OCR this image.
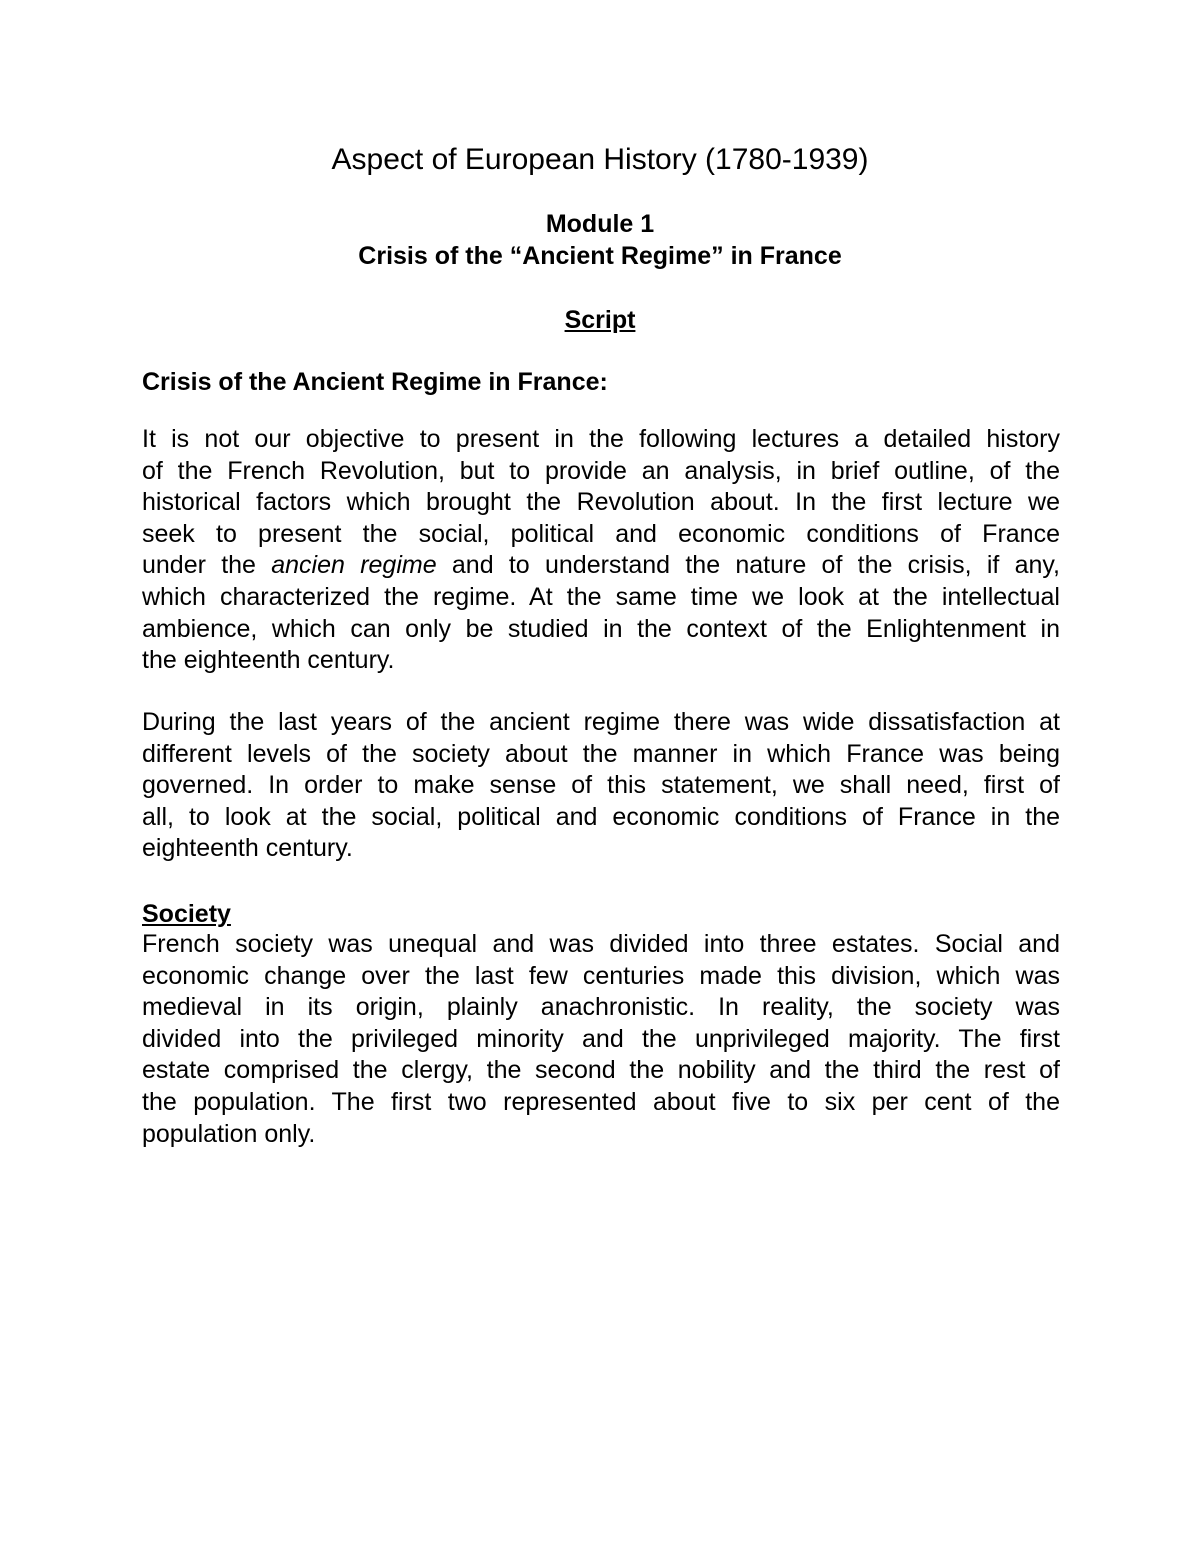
Aspect of European History (1780-1939)
Module 1
Crisis of the “Ancient Regime” in France
Script
Crisis of the Ancient Regime in France:
It is not our objective to present in the following lectures a detailed history
of the French Revolution, but to provide an analysis, in brief outline, of the
historical factors which brought the Revolution about. In the first lecture we
seek to present the social, political and economic conditions of France
under the ancien regime and to understand the nature of the crisis, if any,
which characterized the regime. At the same time we look at the intellectual
ambience, which can only be studied in the context of the Enlightenment in
the eighteenth century.
During the last years of the ancient regime there was wide dissatisfaction at
different levels of the society about the manner in which France was being
governed. In order to make sense of this statement, we shall need, first of
all, to look at the social, political and economic conditions of France in the
eighteenth century.
Society
French society was unequal and was divided into three estates. Social and
economic change over the last few centuries made this division, which was
medieval in its origin, plainly anachronistic. In reality, the society was
divided into the privileged minority and the unprivileged majority. The first
estate comprised the clergy, the second the nobility and the third the rest of
the population. The first two represented about five to six per cent of the
population only.
